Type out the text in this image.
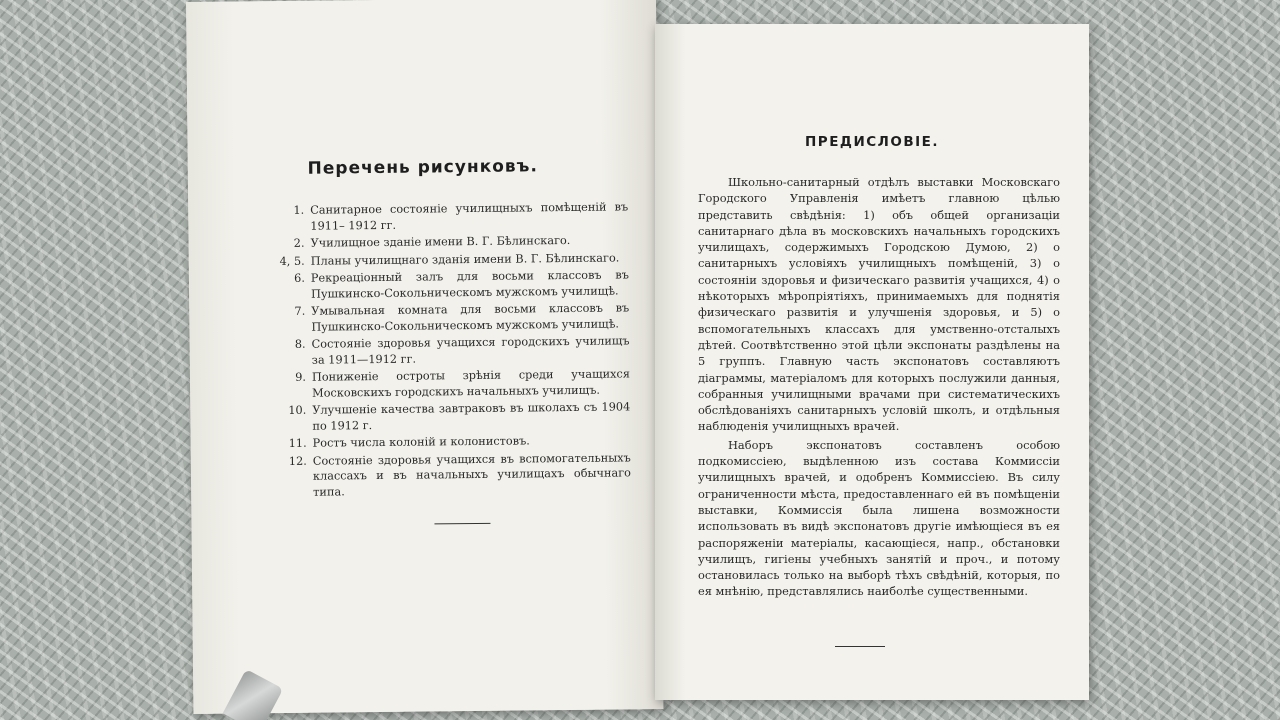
Перечень рисунковъ.
1. Санитарное состояніе училищныхъ помѣщеній въ 1911– 1912 гг.
2. Училищное зданіе имени В. Г. Бѣлинскаго.
4, 5. Планы училищнаго зданія имени В. Г. Бѣлинскаго.
6. Рекреаціонный залъ для восьми классовъ въ Пушкинско-Сокольническомъ мужскомъ училищѣ.
7. Умывальная комната для восьми классовъ въ Пушкинско-Сокольническомъ мужскомъ училищѣ.
8. Состояніе здоровья учащихся городскихъ училищъ за 1911—1912 гг.
9. Пониженіе остроты зрѣнія среди учащихся Московскихъ городскихъ начальныхъ училищъ.
10. Улучшеніе качества завтраковъ въ школахъ съ 1904 по 1912 г.
11. Ростъ числа колоній и колонистовъ.
12. Состояніе здоровья учащихся въ вспомогательныхъ классахъ и въ начальныхъ училищахъ обычнаго типа.
ПРЕДИСЛОВІЕ.

Школьно-санитарный отдѣлъ выставки Московскаго Городского Управленія имѣетъ главною цѣлью представить свѣдѣнія: 1) объ общей организаціи санитарнаго дѣла въ московскихъ начальныхъ городскихъ училищахъ, содержимыхъ Городскою Думою, 2) о санитарныхъ условіяхъ училищныхъ помѣщеній, 3) о состояніи здоровья и физическаго развитія учащихся, 4) о нѣкоторыхъ мѣропріятіяхъ, принимаемыхъ для поднятія физическаго развитія и улучшенія здоровья, и 5) о вспомогательныхъ классахъ для умственно-отсталыхъ дѣтей. Соотвѣтственно этой цѣли экспонаты раздѣлены на 5 группъ. Главную часть экспонатовъ составляютъ діаграммы, матеріаломъ для которыхъ послужили данныя, собранныя училищными врачами при систематическихъ обслѣдованіяхъ санитарныхъ условій школъ, и отдѣльныя наблюденія училищныхъ врачей.

Наборъ экспонатовъ составленъ особою подкомиссіею, выдѣленною изъ состава Коммиссіи училищныхъ врачей, и одобренъ Коммиссіею. Въ силу ограниченности мѣста, предоставленнаго ей въ помѣщеніи выставки, Коммиссія была лишена возможности использовать въ видѣ экспонатовъ другіе имѣющіеся въ ея распоряженіи матеріалы, касающіеся, напр., обстановки училищъ, гигіены учебныхъ занятій и проч., и потому остановилась только на выборѣ тѣхъ свѣдѣній, которыя, по ея мнѣнію, представлялись наиболѣе существенными.
